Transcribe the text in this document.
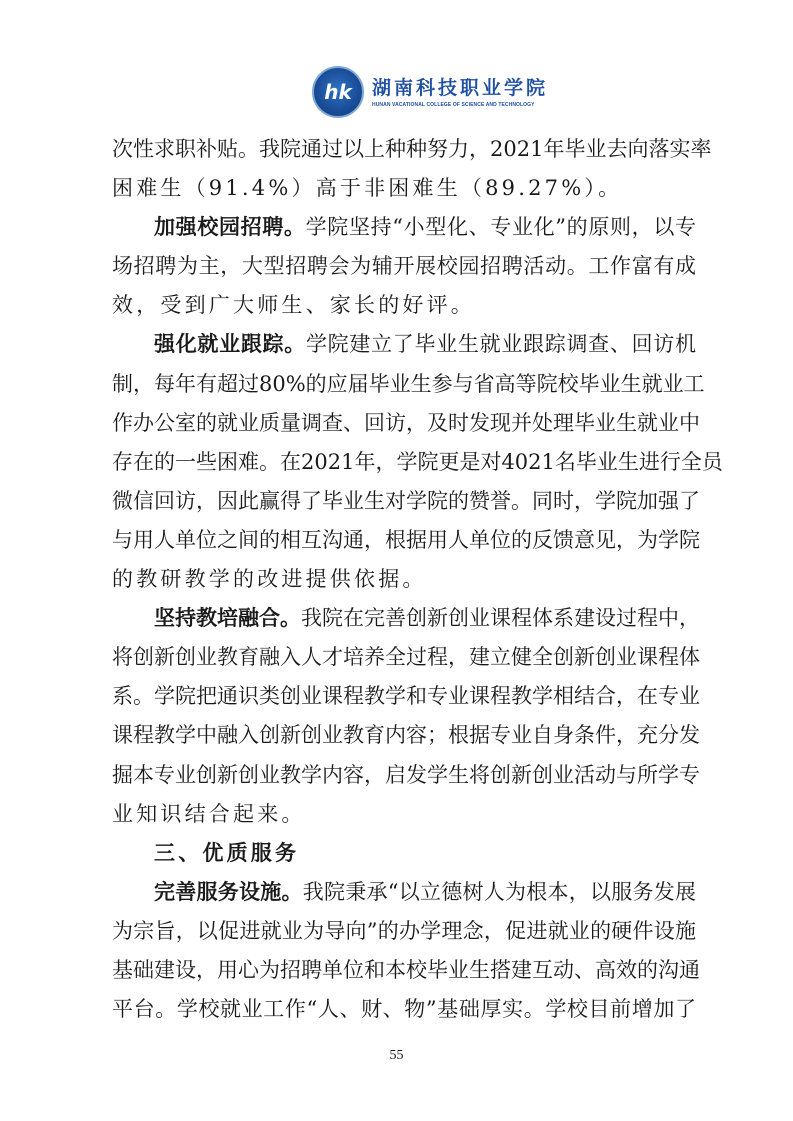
hk	湖南科技职业学院
HUNAN VACATIONAL COLLEGE OF SCIENCE AND TECHNOLOGY
次性求职补贴。我院通过以上种种努力，2021年毕业去向落实率
困难生（91.4%）高于非困难生（89.27%）。
加强校园招聘。学院坚持“小型化、专业化”的原则，以专
场招聘为主，大型招聘会为辅开展校园招聘活动。工作富有成
效，受到广大师生、家长的好评。
强化就业跟踪。学院建立了毕业生就业跟踪调查、回访机
制，每年有超过80%的应届毕业生参与省高等院校毕业生就业工
作办公室的就业质量调查、回访，及时发现并处理毕业生就业中
存在的一些困难。在2021年，学院更是对4021名毕业生进行全员
微信回访，因此赢得了毕业生对学院的赞誉。同时，学院加强了
与用人单位之间的相互沟通，根据用人单位的反馈意见，为学院
的教研教学的改进提供依据。
坚持教培融合。我院在完善创新创业课程体系建设过程中，
将创新创业教育融入人才培养全过程，建立健全创新创业课程体
系。学院把通识类创业课程教学和专业课程教学相结合，在专业
课程教学中融入创新创业教育内容；根据专业自身条件，充分发
掘本专业创新创业教学内容，启发学生将创新创业活动与所学专
业知识结合起来。
三、优质服务
完善服务设施。我院秉承“以立德树人为根本，以服务发展
为宗旨，以促进就业为导向”的办学理念，促进就业的硬件设施
基础建设，用心为招聘单位和本校毕业生搭建互动、高效的沟通
平台。学校就业工作“人、财、物”基础厚实。学校目前增加了
55
